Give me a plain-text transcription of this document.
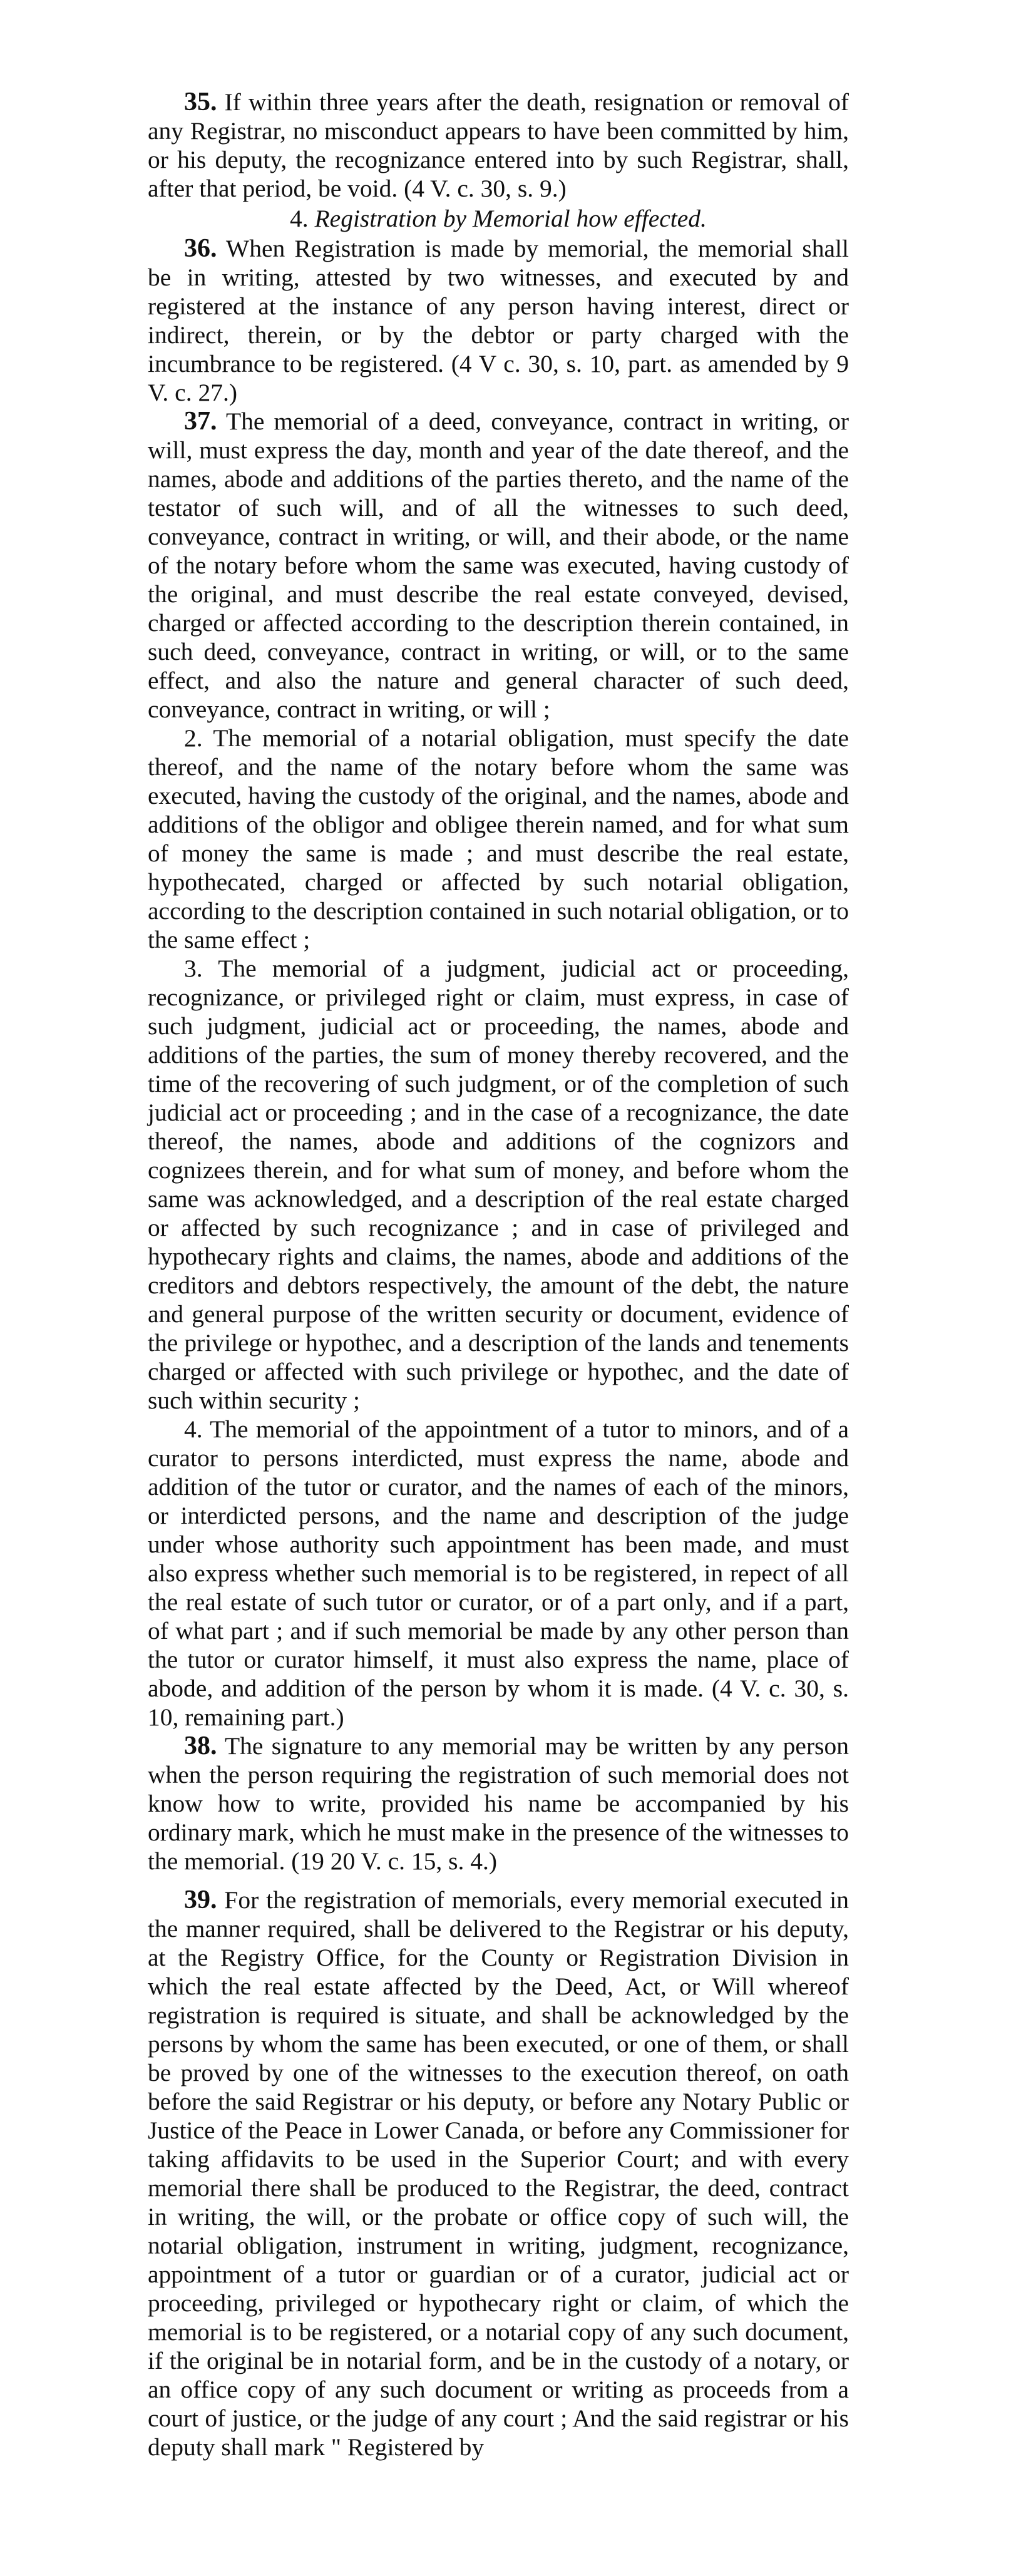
35. If within three years after the death, resignation or removal of any Registrar, no misconduct appears to have been committed by him, or his deputy, the recognizance entered into by such Registrar, shall, after that period, be void. (4 V. c. 30, s. 9.)

4. Registration by Memorial how effected.

36. When Registration is made by memorial, the memorial shall be in writing, attested by two witnesses, and executed by and registered at the instance of any person having interest, direct or indirect, therein, or by the debtor or party charged with the incumbrance to be registered. (4 V c. 30, s. 10, part. as amended by 9 V. c. 27.)

37. The memorial of a deed, conveyance, contract in writing, or will, must express the day, month and year of the date thereof, and the names, abode and additions of the parties thereto, and the name of the testator of such will, and of all the witnesses to such deed, conveyance, contract in writing, or will, and their abode, or the name of the notary before whom the same was executed, having custody of the original, and must describe the real estate conveyed, devised, charged or affected according to the description therein contained, in such deed, conveyance, contract in writing, or will, or to the same effect, and also the nature and general character of such deed, conveyance, contract in writing, or will ;

2. The memorial of a notarial obligation, must specify the date thereof, and the name of the notary before whom the same was executed, having the custody of the original, and the names, abode and additions of the obligor and obligee therein named, and for what sum of money the same is made ; and must describe the real estate, hypothecated, charged or affected by such notarial obligation, according to the description contained in such notarial obligation, or to the same effect ;

3. The memorial of a judgment, judicial act or proceeding, recognizance, or privileged right or claim, must express, in case of such judgment, judicial act or proceeding, the names, abode and additions of the parties, the sum of money thereby recovered, and the time of the recovering of such judgment, or of the completion of such judicial act or proceeding ; and in the case of a recognizance, the date thereof, the names, abode and additions of the cognizors and cognizees therein, and for what sum of money, and before whom the same was acknowledged, and a description of the real estate charged or affected by such recognizance ; and in case of privileged and hypothecary rights and claims, the names, abode and additions of the creditors and debtors respectively, the amount of the debt, the nature and general purpose of the written security or document, evidence of the privilege or hypothec, and a description of the lands and tenements charged or affected with such privilege or hypothec, and the date of such within security ;

4. The memorial of the appointment of a tutor to minors, and of a curator to persons interdicted, must express the name, abode and addition of the tutor or curator, and the names of each of the minors, or interdicted persons, and the name and description of the judge under whose authority such appointment has been made, and must also express whether such memorial is to be registered, in repect of all the real estate of such tutor or curator, or of a part only, and if a part, of what part ; and if such memorial be made by any other person than the tutor or curator himself, it must also express the name, place of abode, and addition of the person by whom it is made. (4 V. c. 30, s. 10, remaining part.)

38. The signature to any memorial may be written by any person when the person requiring the registration of such memorial does not know how to write, provided his name be accompanied by his ordinary mark, which he must make in the presence of the witnesses to the memorial. (19 20 V. c. 15, s. 4.)

39. For the registration of memorials, every memorial executed in the manner required, shall be delivered to the Registrar or his deputy, at the Registry Office, for the County or Registration Division in which the real estate affected by the Deed, Act, or Will whereof registration is required is situate, and shall be acknowledged by the persons by whom the same has been executed, or one of them, or shall be proved by one of the witnesses to the execution thereof, on oath before the said Registrar or his deputy, or before any Notary Public or Justice of the Peace in Lower Canada, or before any Commissioner for taking affidavits to be used in the Superior Court; and with every memorial there shall be produced to the Registrar, the deed, contract in writing, the will, or the probate or office copy of such will, the notarial obligation, instrument in writing, judgment, recognizance, appointment of a tutor or guardian or of a curator, judicial act or proceeding, privileged or hypothecary right or claim, of which the memorial is to be registered, or a notarial copy of any such document, if the original be in notarial form, and be in the custody of a notary, or an office copy of any such document or writing as proceeds from a court of justice, or the judge of any court ; And the said registrar or his deputy shall mark " Registered by
